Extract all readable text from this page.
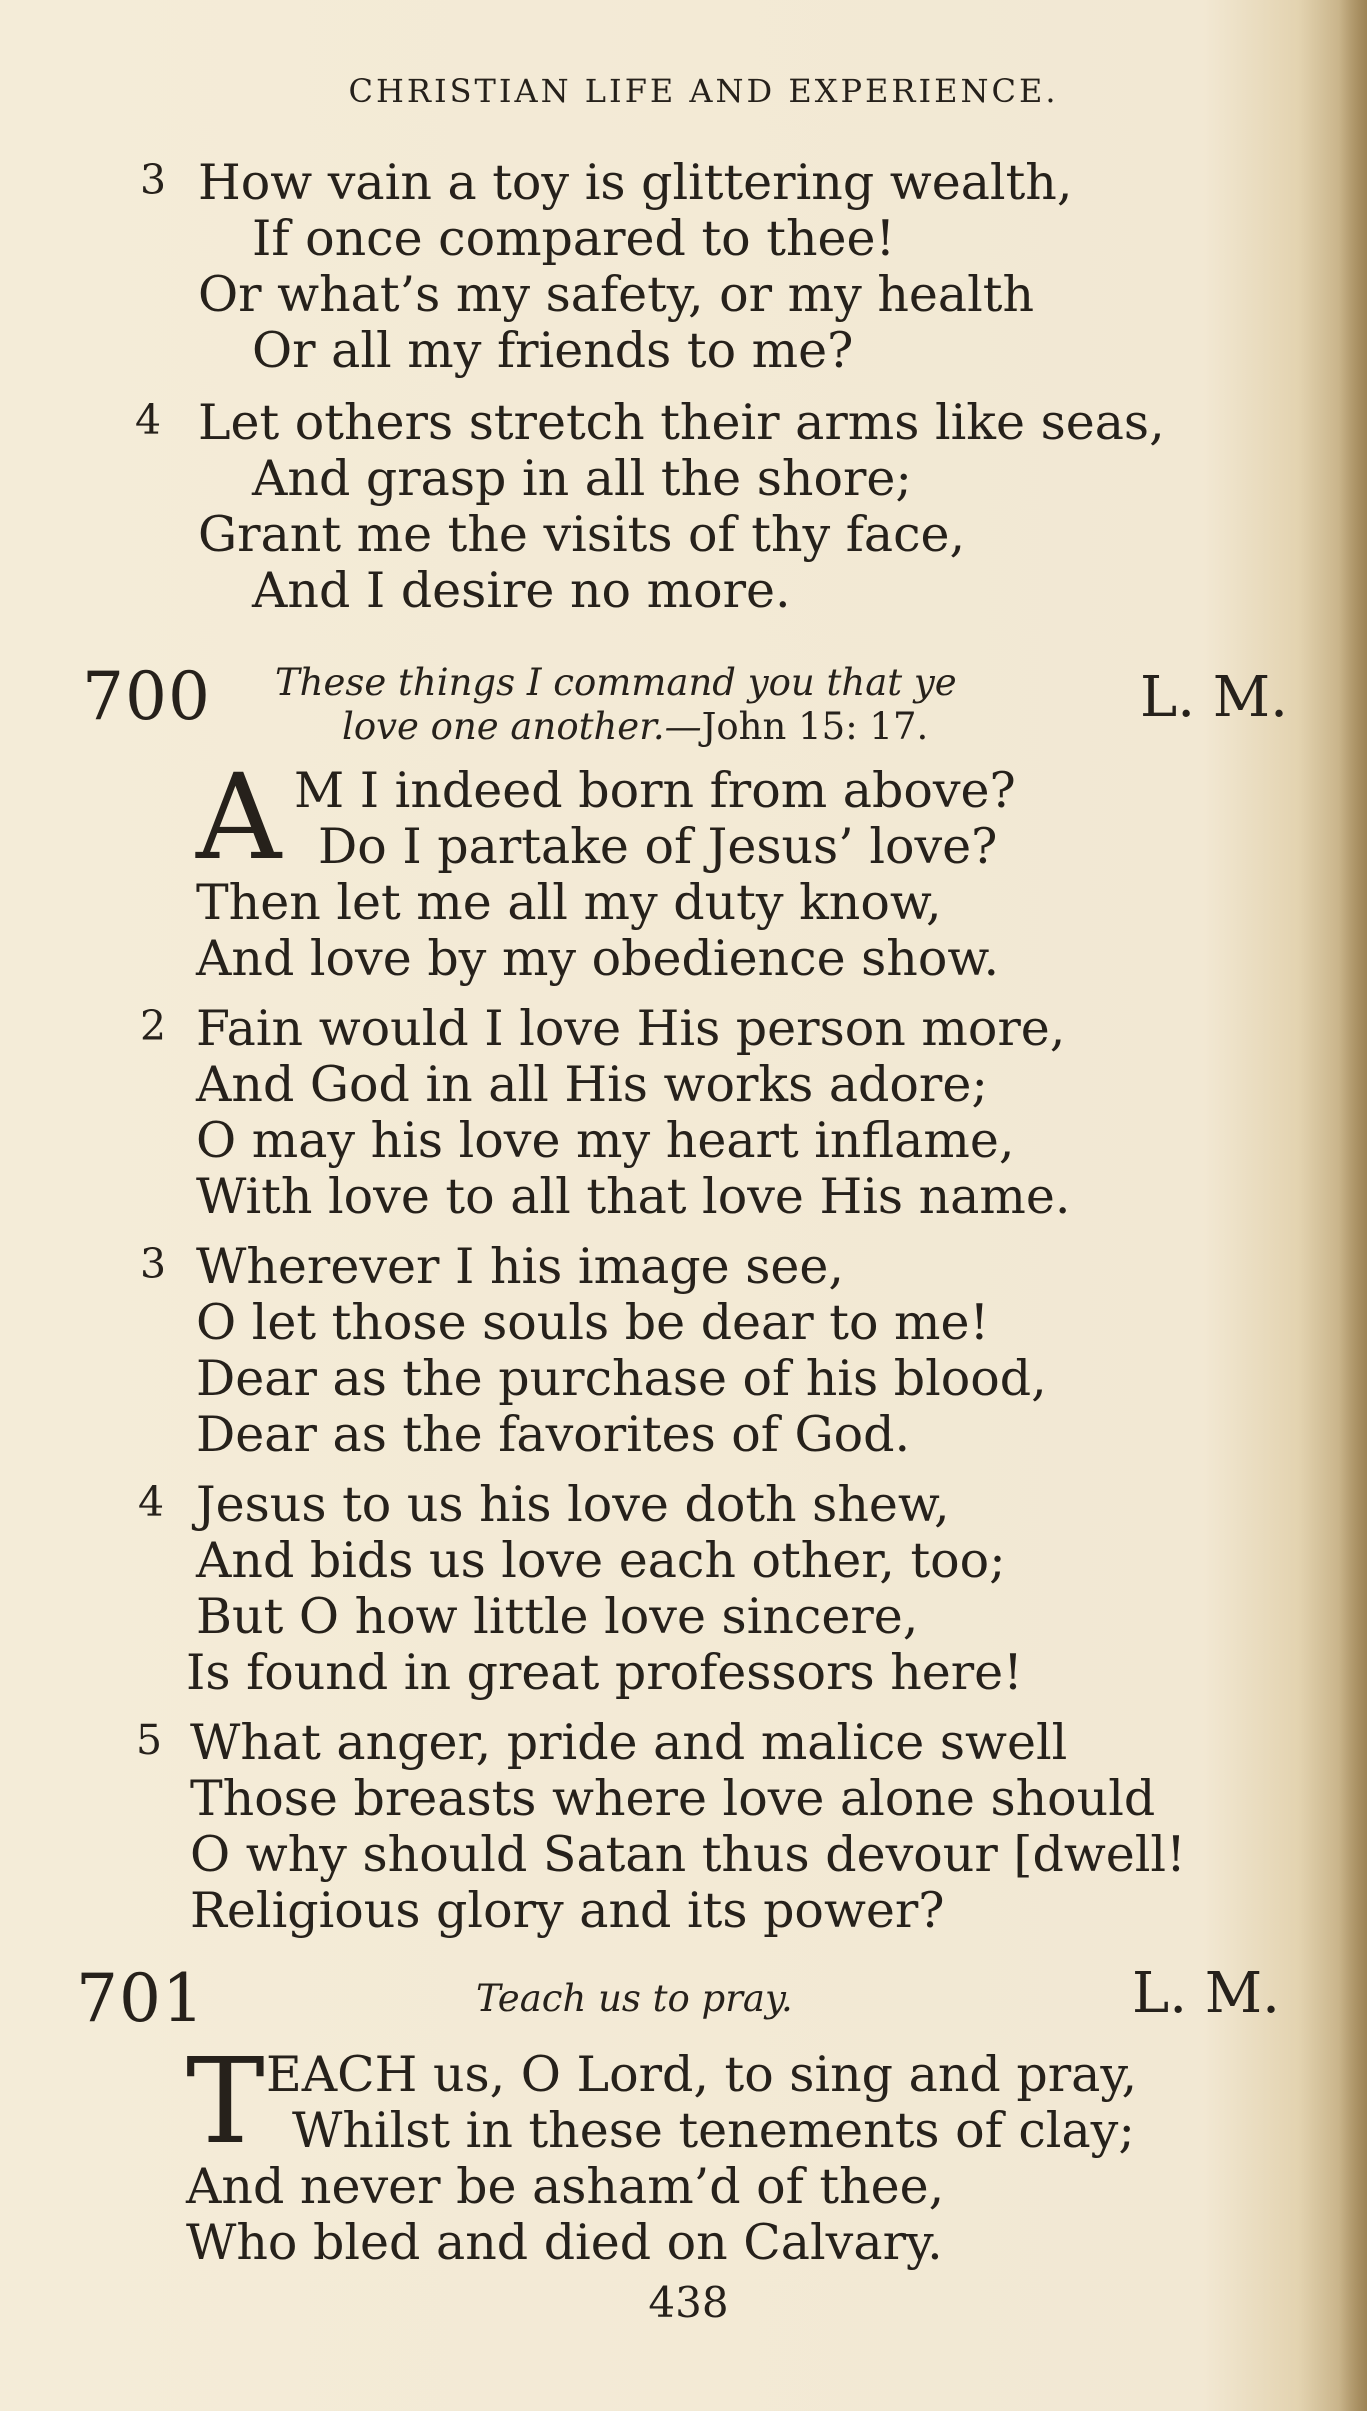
CHRISTIAN LIFE AND EXPERIENCE.
3 How vain a toy is glittering wealth,
If once compared to thee!
Or what’s my safety, or my health
Or all my friends to me?
4 Let others stretch their arms like seas,
And grasp in all the shore;
Grant me the visits of thy face,
And I desire no more.
700 These things I command you that ye
love one another.—John 15: 17.	L. M.
A M I indeed born from above?
Do I partake of Jesus’ love?
Then let me all my duty know,
And love by my obedience show.
2 Fain would I love His person more,
And God in all His works adore;
O may his love my heart inflame,
With love to all that love His name.
3 Wherever I his image see,
O let those souls be dear to me!
Dear as the purchase of his blood,
Dear as the favorites of God.
4 Jesus to us his love doth shew,
And bids us love each other, too;
But O how little love sincere,
Is found in great professors here!
5 What anger, pride and malice swell
Those breasts where love alone should
O why should Satan thus devour [dwell!
Religious glory and its power?
701	Teach us to pray.	L. M.
T EACH us, O Lord, to sing and pray,
Whilst in these tenements of clay;
And never be asham’d of thee,
Who bled and died on Calvary.
438
